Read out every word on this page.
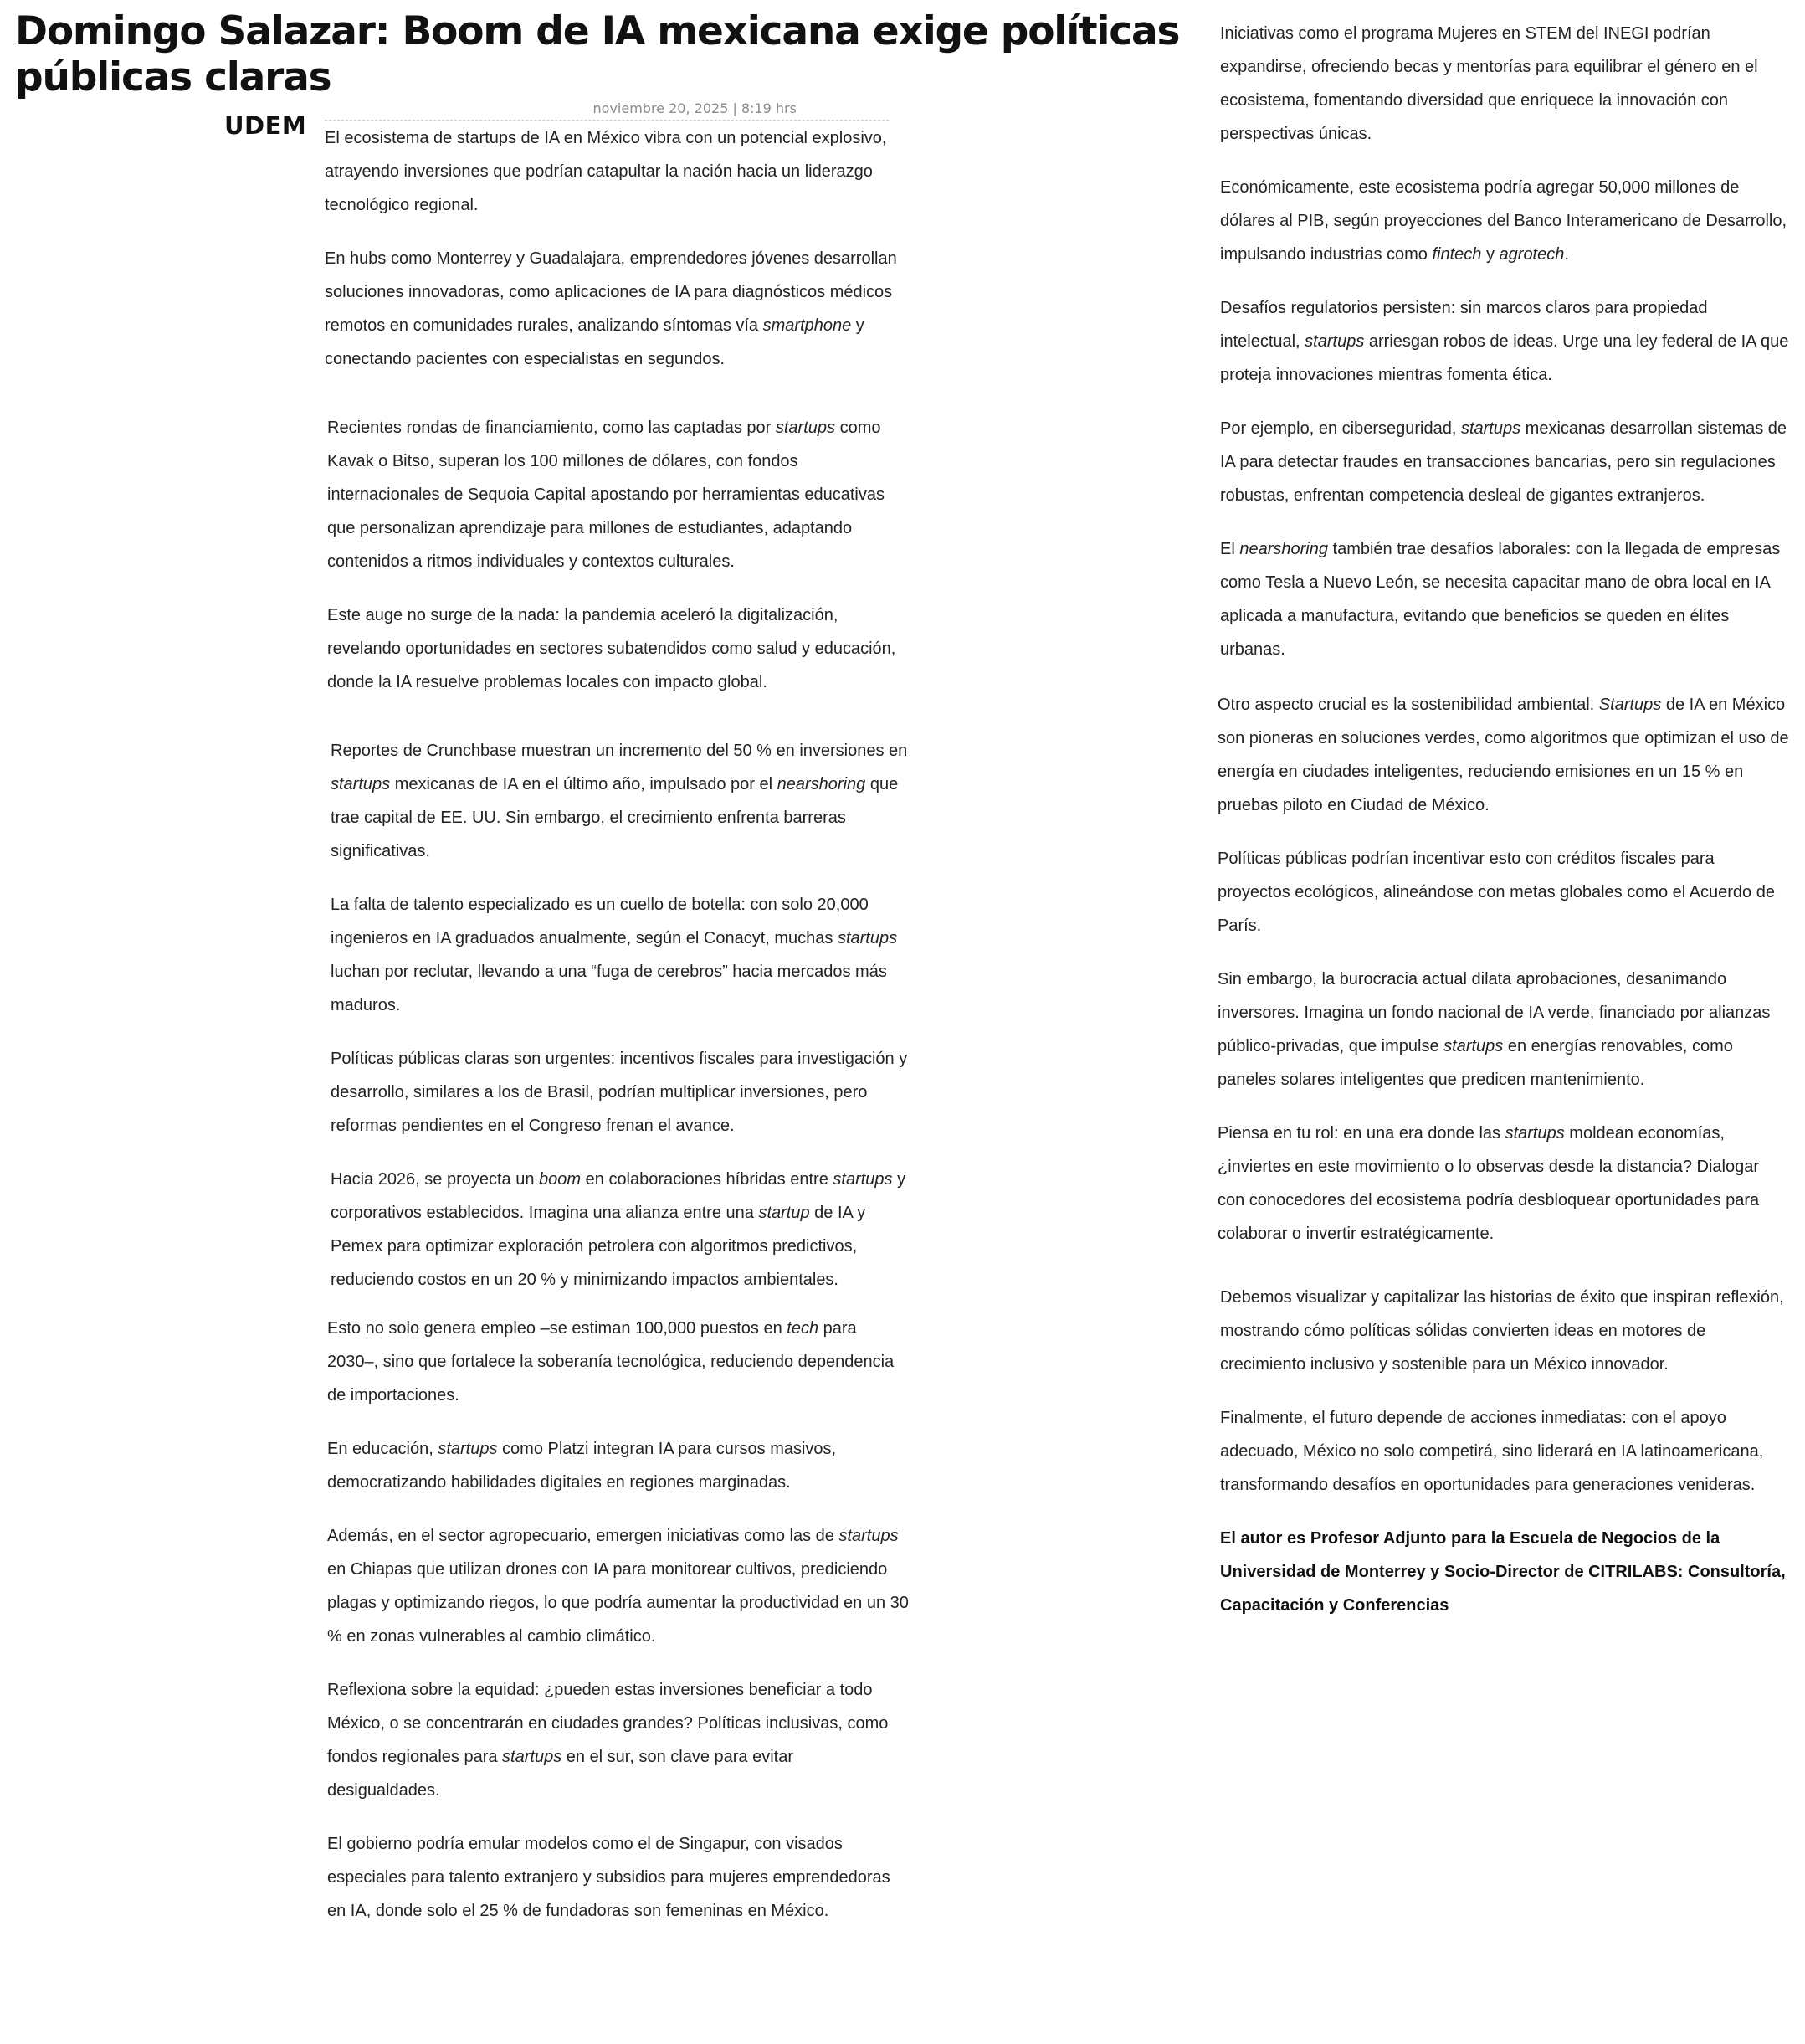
Domingo Salazar: Boom de IA mexicana exige políticas públicas claras
UDEM
noviembre 20, 2025 | 8:19 hrs

El ecosistema de startups de IA en México vibra con un potencial explosivo, atrayendo inversiones que podrían catapultar la nación hacia un liderazgo tecnológico regional.

En hubs como Monterrey y Guadalajara, emprendedores jóvenes desarrollan soluciones innovadoras, como aplicaciones de IA para diagnósticos médicos remotos en comunidades rurales, analizando síntomas vía smartphone y conectando pacientes con especialistas en segundos.

Recientes rondas de financiamiento, como las captadas por startups como Kavak o Bitso, superan los 100 millones de dólares, con fondos internacionales de Sequoia Capital apostando por herramientas educativas que personalizan aprendizaje para millones de estudiantes, adaptando contenidos a ritmos individuales y contextos culturales.

Este auge no surge de la nada: la pandemia aceleró la digitalización, revelando oportunidades en sectores subatendidos como salud y educación, donde la IA resuelve problemas locales con impacto global.

Reportes de Crunchbase muestran un incremento del 50 % en inversiones en startups mexicanas de IA en el último año, impulsado por el nearshoring que trae capital de EE. UU. Sin embargo, el crecimiento enfrenta barreras significativas.

La falta de talento especializado es un cuello de botella: con solo 20,000 ingenieros en IA graduados anualmente, según el Conacyt, muchas startups luchan por reclutar, llevando a una “fuga de cerebros” hacia mercados más maduros.

Políticas públicas claras son urgentes: incentivos fiscales para investigación y desarrollo, similares a los de Brasil, podrían multiplicar inversiones, pero reformas pendientes en el Congreso frenan el avance.

Hacia 2026, se proyecta un boom en colaboraciones híbridas entre startups y corporativos establecidos. Imagina una alianza entre una startup de IA y Pemex para optimizar exploración petrolera con algoritmos predictivos, reduciendo costos en un 20 % y minimizando impactos ambientales.

Esto no solo genera empleo –se estiman 100,000 puestos en tech para 2030–, sino que fortalece la soberanía tecnológica, reduciendo dependencia de importaciones.

En educación, startups como Platzi integran IA para cursos masivos, democratizando habilidades digitales en regiones marginadas.

Además, en el sector agropecuario, emergen iniciativas como las de startups en Chiapas que utilizan drones con IA para monitorear cultivos, prediciendo plagas y optimizando riegos, lo que podría aumentar la productividad en un 30 % en zonas vulnerables al cambio climático.

Reflexiona sobre la equidad: ¿pueden estas inversiones beneficiar a todo México, o se concentrarán en ciudades grandes? Políticas inclusivas, como fondos regionales para startups en el sur, son clave para evitar desigualdades.

El gobierno podría emular modelos como el de Singapur, con visados especiales para talento extranjero y subsidios para mujeres emprendedoras en IA, donde solo el 25 % de fundadoras son femeninas en México.

Iniciativas como el programa Mujeres en STEM del INEGI podrían expandirse, ofreciendo becas y mentorías para equilibrar el género en el ecosistema, fomentando diversidad que enriquece la innovación con perspectivas únicas.

Económicamente, este ecosistema podría agregar 50,000 millones de dólares al PIB, según proyecciones del Banco Interamericano de Desarrollo, impulsando industrias como fintech y agrotech.

Desafíos regulatorios persisten: sin marcos claros para propiedad intelectual, startups arriesgan robos de ideas. Urge una ley federal de IA que proteja innovaciones mientras fomenta ética.

Por ejemplo, en ciberseguridad, startups mexicanas desarrollan sistemas de IA para detectar fraudes en transacciones bancarias, pero sin regulaciones robustas, enfrentan competencia desleal de gigantes extranjeros.

El nearshoring también trae desafíos laborales: con la llegada de empresas como Tesla a Nuevo León, se necesita capacitar mano de obra local en IA aplicada a manufactura, evitando que beneficios se queden en élites urbanas.

Otro aspecto crucial es la sostenibilidad ambiental. Startups de IA en México son pioneras en soluciones verdes, como algoritmos que optimizan el uso de energía en ciudades inteligentes, reduciendo emisiones en un 15 % en pruebas piloto en Ciudad de México.

Políticas públicas podrían incentivar esto con créditos fiscales para proyectos ecológicos, alineándose con metas globales como el Acuerdo de París.

Sin embargo, la burocracia actual dilata aprobaciones, desanimando inversores. Imagina un fondo nacional de IA verde, financiado por alianzas público-privadas, que impulse startups en energías renovables, como paneles solares inteligentes que predicen mantenimiento.

Piensa en tu rol: en una era donde las startups moldean economías, ¿inviertes en este movimiento o lo observas desde la distancia? Dialogar con conocedores del ecosistema podría desbloquear oportunidades para colaborar o invertir estratégicamente.

Debemos visualizar y capitalizar las historias de éxito que inspiran reflexión, mostrando cómo políticas sólidas convierten ideas en motores de crecimiento inclusivo y sostenible para un México innovador.

Finalmente, el futuro depende de acciones inmediatas: con el apoyo adecuado, México no solo competirá, sino liderará en IA latinoamericana, transformando desafíos en oportunidades para generaciones venideras.

El autor es Profesor Adjunto para la Escuela de Negocios de la Universidad de Monterrey y Socio-Director de CITRILABS: Consultoría, Capacitación y Conferencias
